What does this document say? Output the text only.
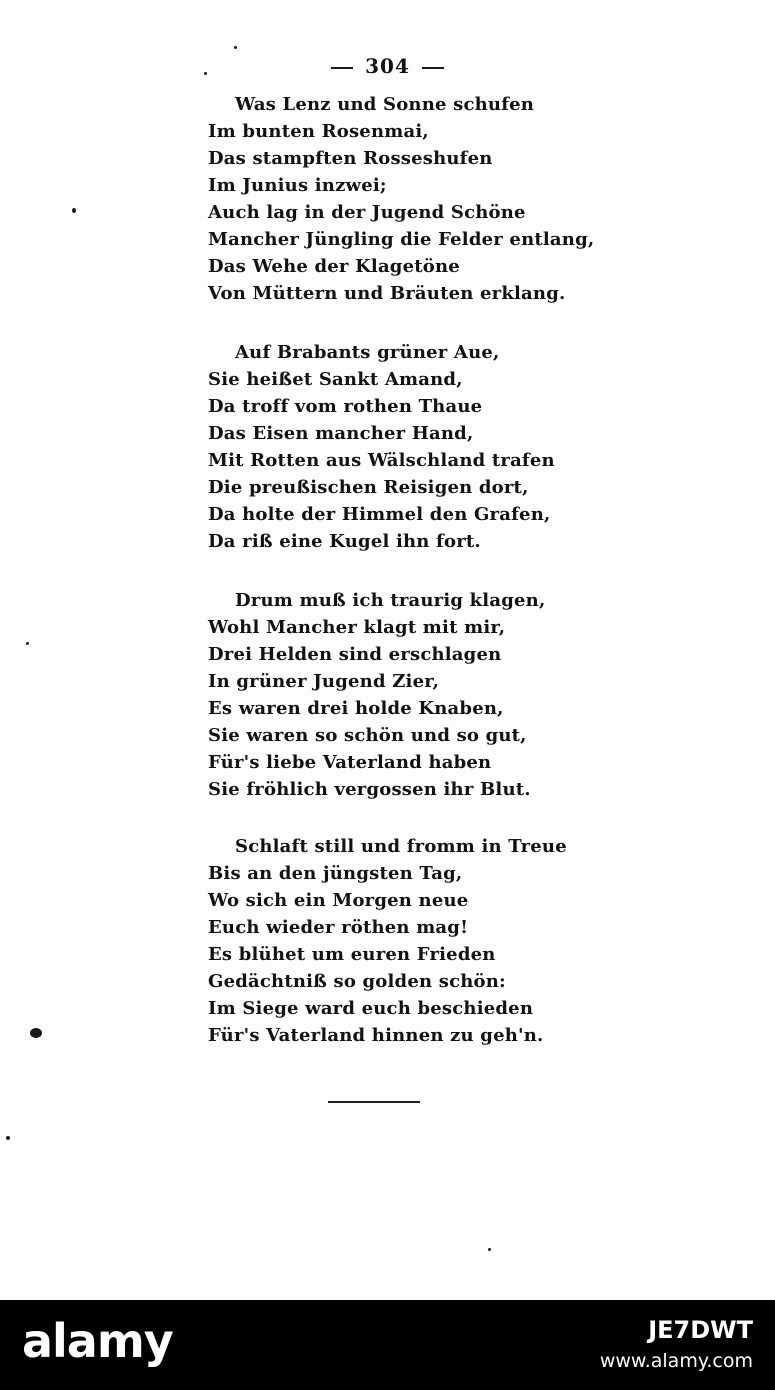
304
Was Lenz und Sonne schufen
Im bunten Rosenmai,
Das stampften Rosseshufen
Im Junius inzwei;
Auch lag in der Jugend Schöne
Mancher Jüngling die Felder entlang,
Das Wehe der Klagetöne
Von Müttern und Bräuten erklang.
Auf Brabants grüner Aue,
Sie heißet Sankt Amand,
Da troff vom rothen Thaue
Das Eisen mancher Hand,
Mit Rotten aus Wälschland trafen
Die preußischen Reisigen dort,
Da holte der Himmel den Grafen,
Da riß eine Kugel ihn fort.
Drum muß ich traurig klagen,
Wohl Mancher klagt mit mir,
Drei Helden sind erschlagen
In grüner Jugend Zier,
Es waren drei holde Knaben,
Sie waren so schön und so gut,
Für's liebe Vaterland haben
Sie fröhlich vergossen ihr Blut.
Schlaft still und fromm in Treue
Bis an den jüngsten Tag,
Wo sich ein Morgen neue
Euch wieder röthen mag!
Es blühet um euren Frieden
Gedächtniß so golden schön:
Im Siege ward euch beschieden
Für's Vaterland hinnen zu geh'n.
alamy	JE7DWT
www.alamy.com
